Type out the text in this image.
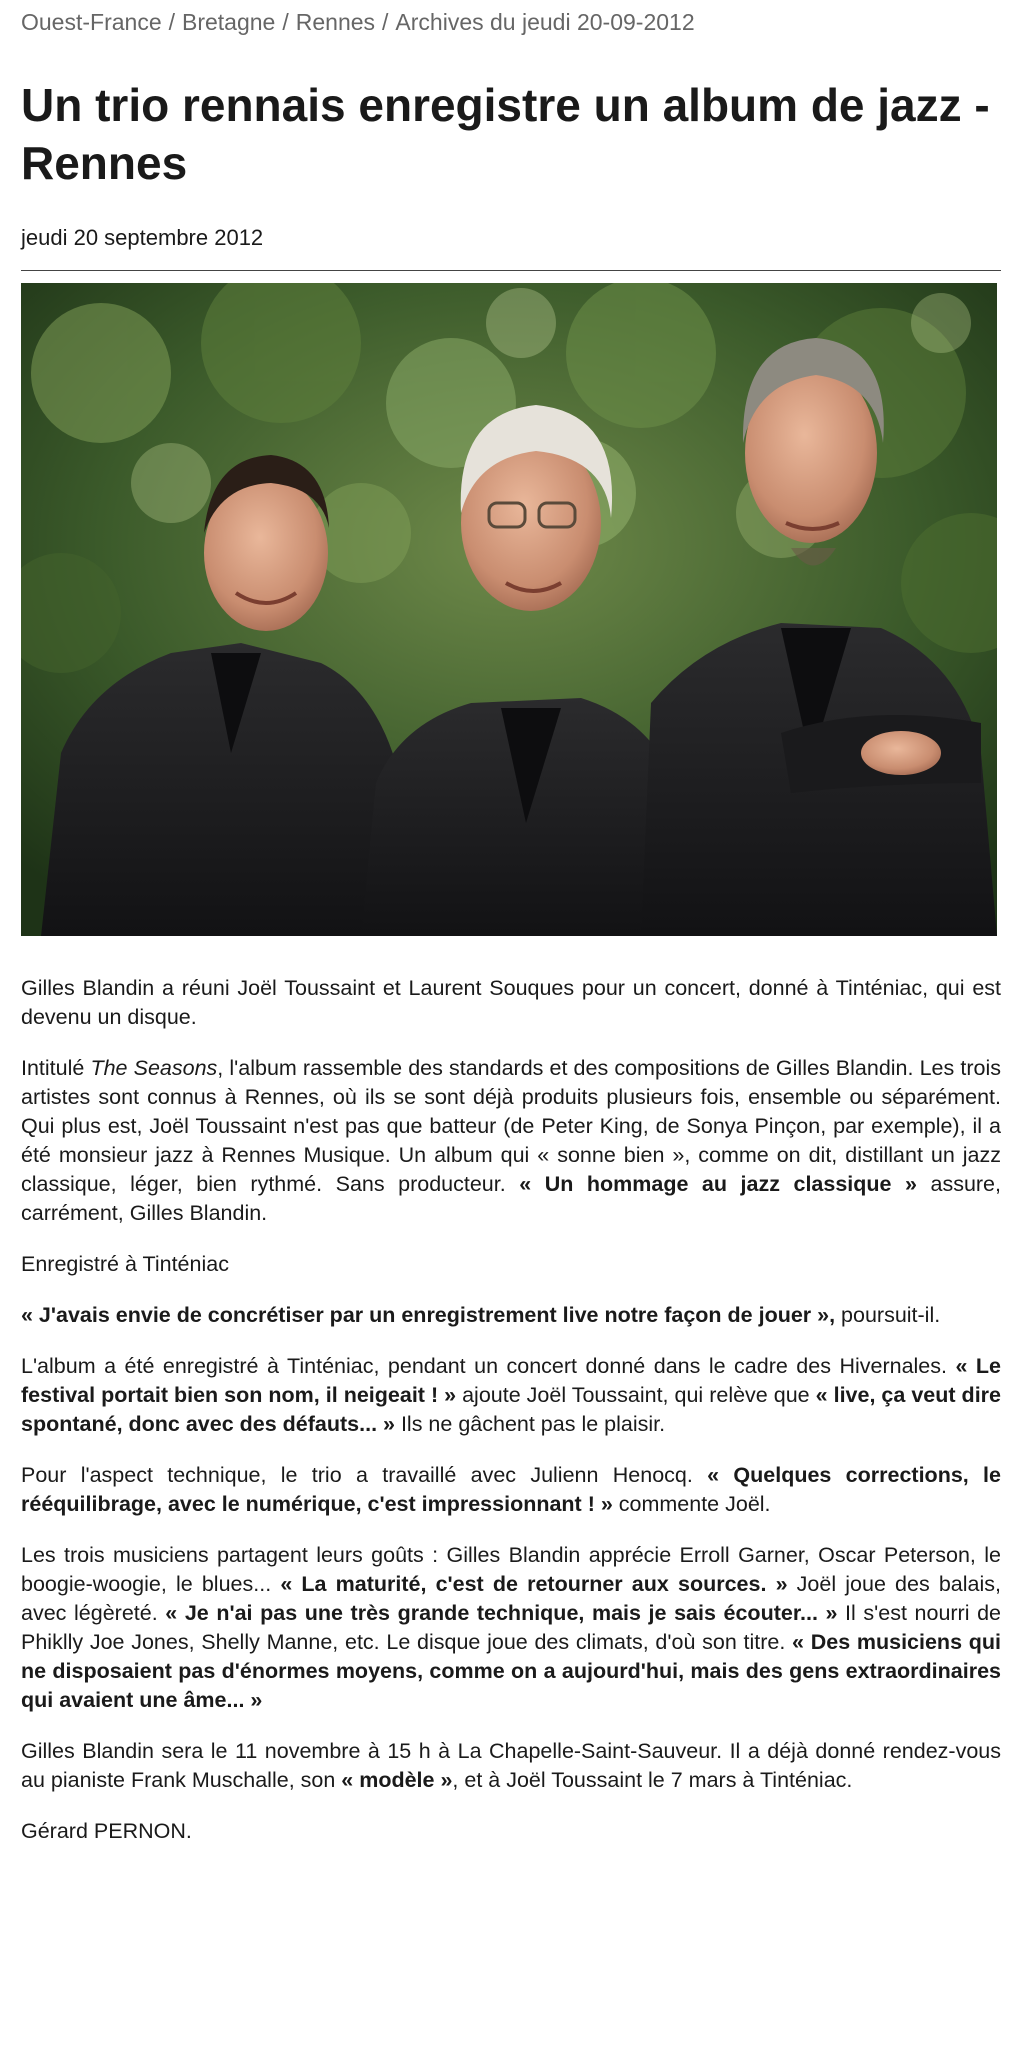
Ouest-France / Bretagne / Rennes / Archives du jeudi 20-09-2012
Un trio rennais enregistre un album de jazz - Rennes
jeudi 20 septembre 2012

Gilles Blandin a réuni Joël Toussaint et Laurent Souques pour un concert, donné à Tinténiac, qui est devenu un disque.

Intitulé The Seasons, l'album rassemble des standards et des compositions de Gilles Blandin. Les trois artistes sont connus à Rennes, où ils se sont déjà produits plusieurs fois, ensemble ou séparément. Qui plus est, Joël Toussaint n'est pas que batteur (de Peter King, de Sonya Pinçon, par exemple), il a été monsieur jazz à Rennes Musique. Un album qui « sonne bien », comme on dit, distillant un jazz classique, léger, bien rythmé. Sans producteur. « Un hommage au jazz classique » assure, carrément, Gilles Blandin.

Enregistré à Tinténiac

« J'avais envie de concrétiser par un enregistrement live notre façon de jouer », poursuit-il.

L'album a été enregistré à Tinténiac, pendant un concert donné dans le cadre des Hivernales. « Le festival portait bien son nom, il neigeait ! » ajoute Joël Toussaint, qui relève que « live, ça veut dire spontané, donc avec des défauts... » Ils ne gâchent pas le plaisir.

Pour l'aspect technique, le trio a travaillé avec Julienn Henocq. « Quelques corrections, le rééquilibrage, avec le numérique, c'est impressionnant ! » commente Joël.

Les trois musiciens partagent leurs goûts : Gilles Blandin apprécie Erroll Garner, Oscar Peterson, le boogie-woogie, le blues... « La maturité, c'est de retourner aux sources. » Joël joue des balais, avec légèreté. « Je n'ai pas une très grande technique, mais je sais écouter... » Il s'est nourri de Phiklly Joe Jones, Shelly Manne, etc. Le disque joue des climats, d'où son titre. « Des musiciens qui ne disposaient pas d'énormes moyens, comme on a aujourd'hui, mais des gens extraordinaires qui avaient une âme... »

Gilles Blandin sera le 11 novembre à 15 h à La Chapelle-Saint-Sauveur. Il a déjà donné rendez-vous au pianiste Frank Muschalle, son « modèle », et à Joël Toussaint le 7 mars à Tinténiac.

Gérard PERNON.
